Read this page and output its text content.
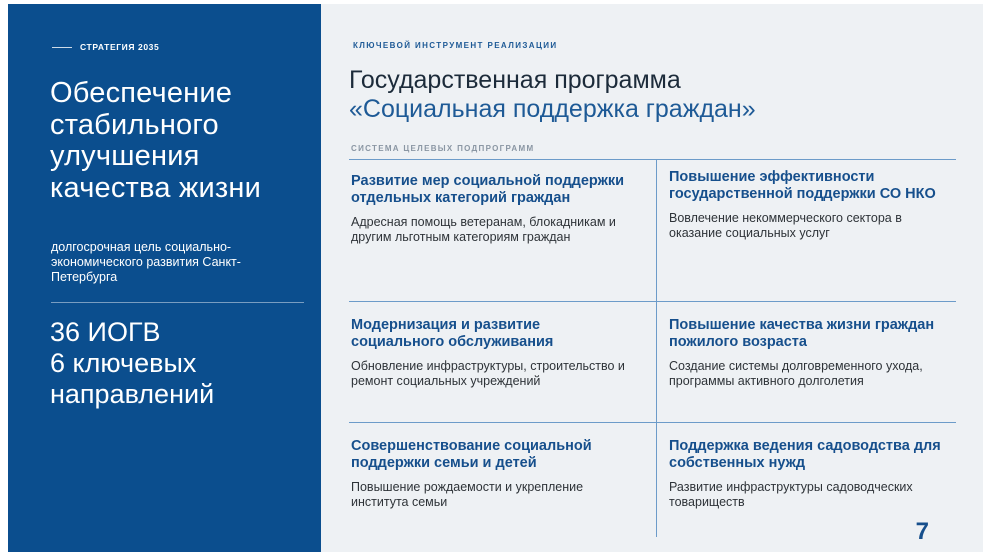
СТРАТЕГИЯ 2035
Обеспечение стабильного улучшения качества жизни
долгосрочная цель социально-экономического развития Санкт-Петербурга
36 ИОГВ
6 ключевых направлений
КЛЮЧЕВОЙ ИНСТРУМЕНТ РЕАЛИЗАЦИИ
Государственная программа
«Социальная поддержка граждан»
СИСТЕМА ЦЕЛЕВЫХ ПОДПРОГРАММ
Развитие мер социальной поддержки отдельных категорий граждан
Адресная помощь ветеранам, блокадникам и другим льготным категориям граждан
Повышение эффективности государственной поддержки СО НКО
Вовлечение некоммерческого сектора в оказание социальных услуг
Модернизация и развитие социального обслуживания
Обновление инфраструктуры, строительство и ремонт социальных учреждений
Повышение качества жизни граждан пожилого возраста
Создание системы долговременного ухода, программы активного долголетия
Совершенствование социальной поддержки семьи и детей
Повышение рождаемости и укрепление института семьи
Поддержка ведения садоводства для собственных нужд
Развитие инфраструктуры садоводческих товариществ
7
